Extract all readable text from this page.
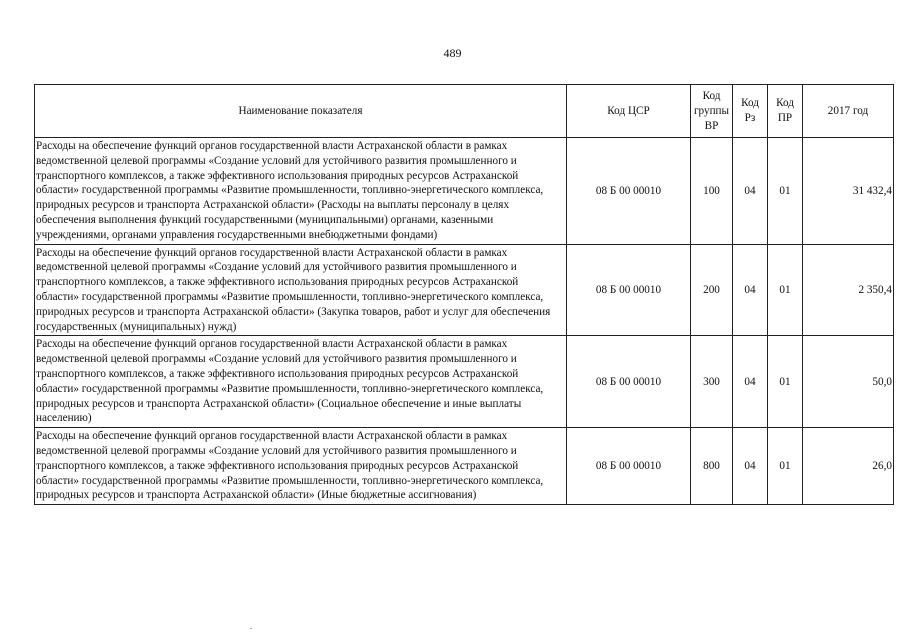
489
Наименование показателя	Код ЦСР	Код группы ВР	Код Рз	Код ПР	2017 год
Расходы на обеспечение функций органов государственной власти Астраханской области в рамках ведомственной целевой программы «Создание условий для устойчивого развития промышленного и транспортного комплексов, а также эффективного использования природных ресурсов Астраханской области» государственной программы «Развитие промышленности, топливно-энергетического комплекса, природных ресурсов и транспорта Астраханской области» (Расходы на выплаты персоналу в целях обеспечения выполнения функций государственными (муниципальными) органами, казенными учреждениями, органами управления государственными внебюджетными фондами)	08 Б 00 00010	100	04	01	31 432,4
Расходы на обеспечение функций органов государственной власти Астраханской области в рамках ведомственной целевой программы «Создание условий для устойчивого развития промышленного и транспортного комплексов, а также эффективного использования природных ресурсов Астраханской области» государственной программы «Развитие промышленности, топливно-энергетического комплекса, природных ресурсов и транспорта Астраханской области» (Закупка товаров, работ и услуг для обеспечения государственных (муниципальных) нужд)	08 Б 00 00010	200	04	01	2 350,4
Расходы на обеспечение функций органов государственной власти Астраханской области в рамках ведомственной целевой программы «Создание условий для устойчивого развития промышленного и транспортного комплексов, а также эффективного использования природных ресурсов Астраханской области» государственной программы «Развитие промышленности, топливно-энергетического комплекса, природных ресурсов и транспорта Астраханской области» (Социальное обеспечение и иные выплаты населению)	08 Б 00 00010	300	04	01	50,0
Расходы на обеспечение функций органов государственной власти Астраханской области в рамках ведомственной целевой программы «Создание условий для устойчивого развития промышленного и транспортного комплексов, а также эффективного использования природных ресурсов Астраханской области» государственной программы «Развитие промышленности, топливно-энергетического комплекса, природных ресурсов и транспорта Астраханской области» (Иные бюджетные ассигнования)	08 Б 00 00010	800	04	01	26,0
